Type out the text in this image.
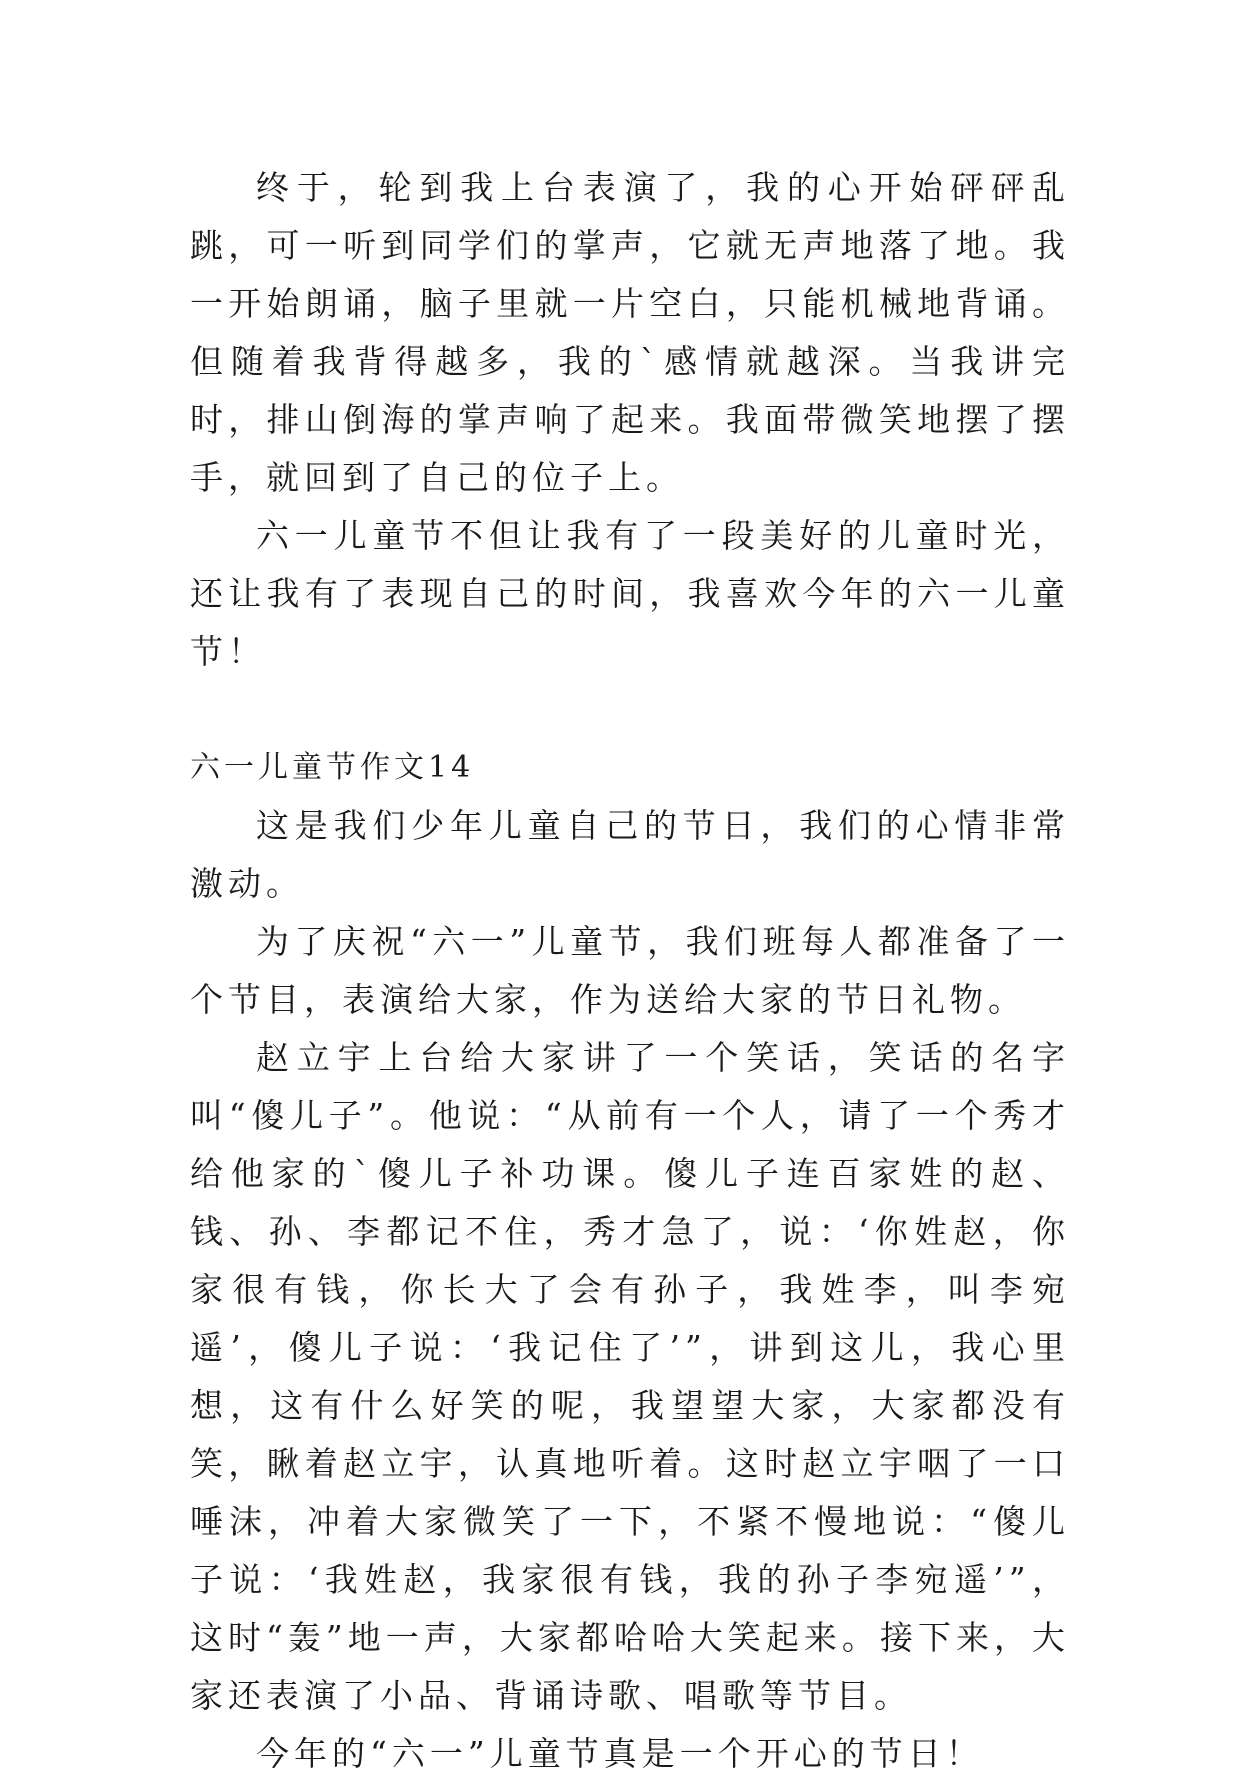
终于，轮到我上台表演了，我的心开始砰砰乱跳，可一听到同学们的掌声，它就无声地落了地。我一开始朗诵，脑子里就一片空白，只能机械地背诵。但随着我背得越多，我的`感情就越深。当我讲完时，排山倒海的掌声响了起来。我面带微笑地摆了摆手，就回到了自己的位子上。

六一儿童节不但让我有了一段美好的儿童时光，还让我有了表现自己的时间，我喜欢今年的六一儿童节！

六一儿童节作文14

这是我们少年儿童自己的节日，我们的心情非常激动。

为了庆祝“六一”儿童节，我们班每人都准备了一个节目，表演给大家，作为送给大家的节日礼物。

赵立宇上台给大家讲了一个笑话，笑话的名字叫“傻儿子”。他说：“从前有一个人，请了一个秀才给他家的`傻儿子补功课。傻儿子连百家姓的赵、钱、孙、李都记不住，秀才急了，说：‘你姓赵，你家很有钱，你长大了会有孙子，我姓李，叫李宛遥’，傻儿子说：‘我记住了’”，讲到这儿，我心里想，这有什么好笑的呢，我望望大家，大家都没有笑，瞅着赵立宇，认真地听着。这时赵立宇咽了一口唾沫，冲着大家微笑了一下，不紧不慢地说：“傻儿子说：‘我姓赵，我家很有钱，我的孙子李宛遥’”，这时“轰”地一声，大家都哈哈大笑起来。接下来，大家还表演了小品、背诵诗歌、唱歌等节目。

今年的“六一”儿童节真是一个开心的节日！
